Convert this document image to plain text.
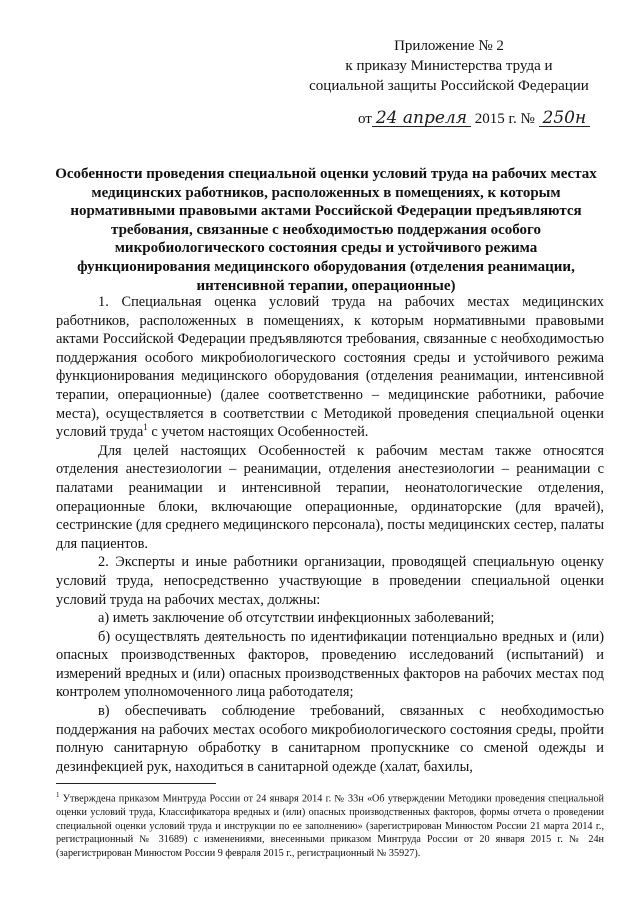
Приложение № 2
к приказу Министерства труда и
социальной защиты Российской Федерации
от 24 апреля 2015 г. № 250н
Особенности проведения специальной оценки условий труда на рабочих местах медицинских работников, расположенных в помещениях, к которым нормативными правовыми актами Российской Федерации предъявляются требования, связанные с необходимостью поддержания особого микробиологического состояния среды и устойчивого режима функционирования медицинского оборудования (отделения реанимации, интенсивной терапии, операционные)

1. Специальная оценка условий труда на рабочих местах медицинских работников, расположенных в помещениях, к которым нормативными правовыми актами Российской Федерации предъявляются требования, связанные с необходимостью поддержания особого микробиологического состояния среды и устойчивого режима функционирования медицинского оборудования (отделения реанимации, интенсивной терапии, операционные) (далее соответственно – медицинские работники, рабочие места), осуществляется в соответствии с Методикой проведения специальной оценки условий труда$^1$ с учетом настоящих Особенностей.

Для целей настоящих Особенностей к рабочим местам также относятся отделения анестезиологии – реанимации, отделения анестезиологии – реанимации с палатами реанимации и интенсивной терапии, неонатологические отделения, операционные блоки, включающие операционные, ординаторские (для врачей), сестринские (для среднего медицинского персонала), посты медицинских сестер, палаты для пациентов.

2. Эксперты и иные работники организации, проводящей специальную оценку условий труда, непосредственно участвующие в проведении специальной оценки условий труда на рабочих местах, должны:

а) иметь заключение об отсутствии инфекционных заболеваний;

б) осуществлять деятельность по идентификации потенциально вредных и (или) опасных производственных факторов, проведению исследований (испытаний) и измерений вредных и (или) опасных производственных факторов на рабочих местах под контролем уполномоченного лица работодателя;

в) обеспечивать соблюдение требований, связанных с необходимостью поддержания на рабочих местах особого микробиологического состояния среды, пройти полную санитарную обработку в санитарном пропускнике со сменой одежды и дезинфекцией рук, находиться в санитарной одежде (халат, бахилы,

$^1$ Утверждена приказом Минтруда России от 24 января 2014 г. № 33н «Об утверждении Методики проведения специальной оценки условий труда, Классификатора вредных и (или) опасных производственных факторов, формы отчета о проведении специальной оценки условий труда и инструкции по ее заполнению» (зарегистрирован Минюстом России 21 марта 2014 г., регистрационный № 31689) с изменениями, внесенными приказом Минтруда России от 20 января 2015 г. № 24н (зарегистрирован Минюстом России 9 февраля 2015 г., регистрационный № 35927).
